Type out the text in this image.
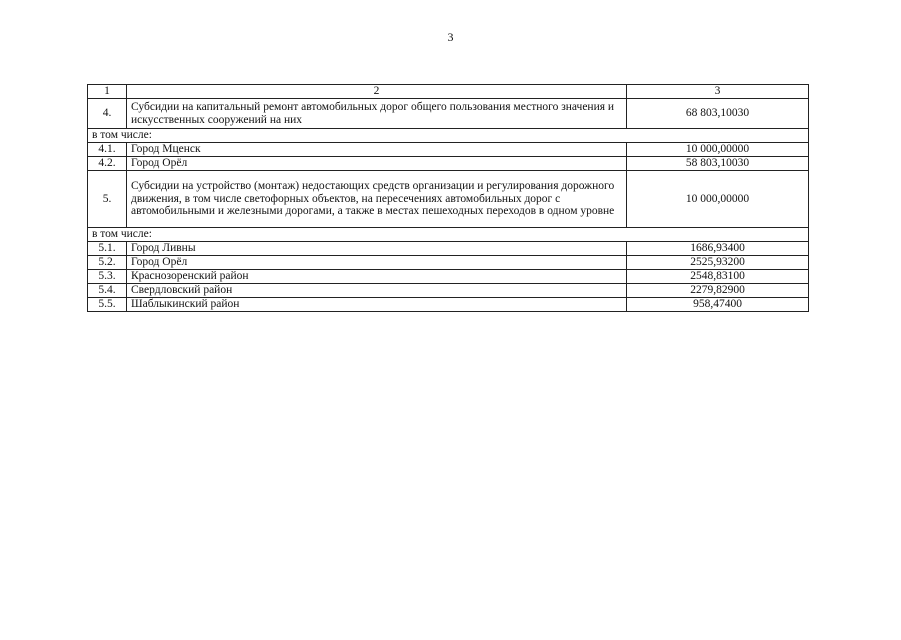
3
1	2	3
4.	Субсидии на капитальный ремонт автомобильных дорог общего пользования местного значения и искусственных сооружений на них	68 803,10030
в том числе:		
4.1.	Город Мценск	10 000,00000
4.2.	Город Орёл	58 803,10030
5.	Субсидии на устройство (монтаж) недостающих средств организации и регулирования дорожного движения, в том числе светофорных объектов, на пересечениях автомобильных дорог с автомобильными и железными дорогами, а также в местах пешеходных переходов в одном уровне	10 000,00000
в том числе:		
5.1.	Город Ливны	1686,93400
5.2.	Город Орёл	2525,93200
5.3.	Краснозоренский район	2548,83100
5.4.	Свердловский район	2279,82900
5.5.	Шаблыкинский район	958,47400
